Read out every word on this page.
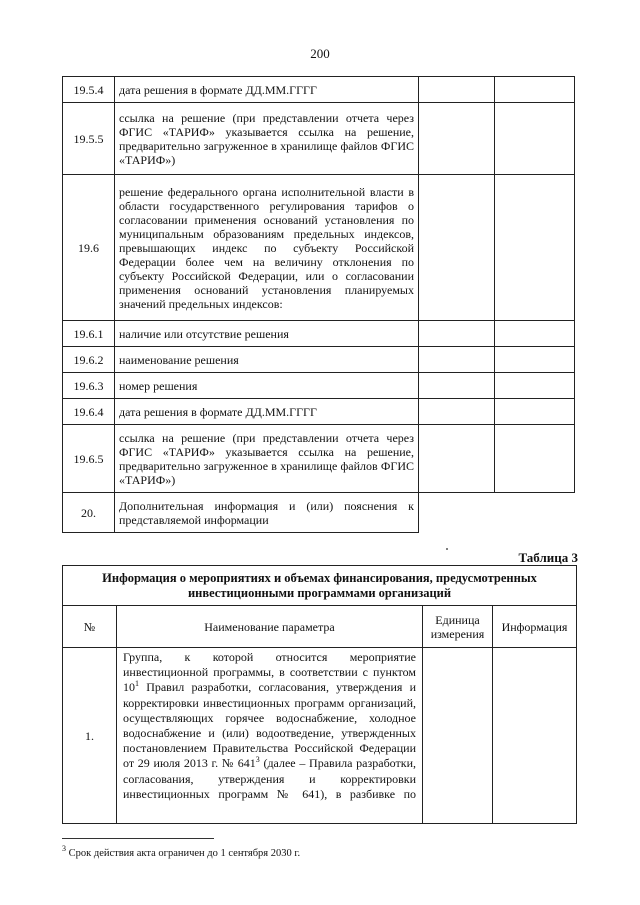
200
19.5.4	дата решения в формате ДД.ММ.ГГГГ		
19.5.5	ссылка на решение (при представлении отчета через ФГИС «ТАРИФ» указывается ссылка на решение, предварительно загруженное в хранилище файлов ФГИС «ТАРИФ»)		
19.6	решение федерального органа исполнительной власти в области государственного регулирования тарифов о согласовании применения оснований установления по муниципальным образованиям предельных индексов, превышающих индекс по субъекту Российской Федерации более чем на величину отклонения по субъекту Российской Федерации, или о согласовании применения оснований установления планируемых значений предельных индексов:		
19.6.1	наличие или отсутствие решения		
19.6.2	наименование решения		
19.6.3	номер решения		
19.6.4	дата решения в формате ДД.ММ.ГГГГ		
19.6.5	ссылка на решение (при представлении отчета через ФГИС «ТАРИФ» указывается ссылка на решение, предварительно загруженное в хранилище файлов ФГИС «ТАРИФ»)		
20.	Дополнительная информация и (или) пояснения к представляемой информации		
Таблица 3
Информация о мероприятиях и объемах финансирования, предусмотренных инвестиционными программами организаций			
№	Наименование параметра	Единица измерения	Информация
1.	Группа, к которой относится мероприятие инвестиционной программы, в соответствии с пунктом $10^1$ Правил разработки, согласования, утверждения и корректировки инвестиционных программ организаций, осуществляющих горячее водоснабжение, холодное водоснабжение и (или) водоотведение, утвержденных постановлением Правительства Российской Федерации от 29 июля 2013 г. № $641^3$ (далее – Правила разработки, согласования, утверждения и корректировки инвестиционных программ № 641), в разбивке по		
$^3$ Срок действия акта ограничен до 1 сентября 2030 г.
